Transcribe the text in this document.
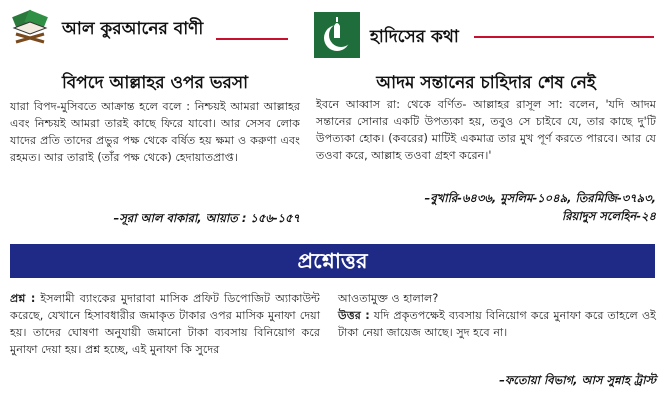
আল কুরআনের বাণী
বিপদে আল্লাহর ওপর ভরসা
যারা বিপদ-মুসিবতে আক্রান্ত হলে বলে : নিশ্চয়ই আমরা আল্লাহর এবং নিশ্চয়ই আমরা তারই কাছে ফিরে যাবো। আর সেসব লোক যাদের প্রতি তাদের প্রভুর পক্ষ থেকে বর্ষিত হয় ক্ষমা ও করুণা এবং রহমত। আর তারাই (তাঁর পক্ষ থেকে) হেদায়াতপ্রাপ্ত।
–সূরা আল বাকারা, আয়াত : ১৫৬-১৫৭
হাদিসের কথা
আদম সন্তানের চাহিদার শেষ নেই
ইবনে আব্বাস রা: থেকে বর্ণিত- আল্লাহর রাসূল সা: বলেন, 'যদি আদম সন্তানের সোনার একটি উপত্যকা হয়, তবুও সে চাইবে যে, তার কাছে দু'টি উপত্যকা হোক। (কবরের) মাটিই একমাত্র তার মুখ পূর্ণ করতে পারবে। আর যে তওবা করে, আল্লাহ তওবা গ্রহণ করেন।'
–বুখারি-৬৪৩৬, মুসলিম-১০৪৯, তিরমিজি-৩৭৯৩,
রিয়াদুস সলেহিন-২৪
প্রশ্নোত্তর
প্রশ্ন : ইসলামী ব্যাংকের মুদারাবা মাসিক প্রফিট ডিপোজিট অ্যাকাউন্ট করেছে, যেখানে হিসাবধারীর জমাকৃত টাকার ওপর মাসিক মুনাফা দেয়া হয়। তাদের ঘোষণা অনুযায়ী জমানো টাকা ব্যবসায় বিনিয়োগ করে মুনাফা দেয়া হয়। প্রশ্ন হচ্ছে, এই মুনাফা কি সুদের
আওতামুক্ত ও হালাল?
উত্তর : যদি প্রকৃতপক্ষেই ব্যবসায় বিনিয়োগ করে মুনাফা করে তাহলে ওই টাকা নেয়া জায়েজ আছে। সুদ হবে না।
–ফতোয়া বিভাগ, আস সুন্নাহ ট্রাস্ট
